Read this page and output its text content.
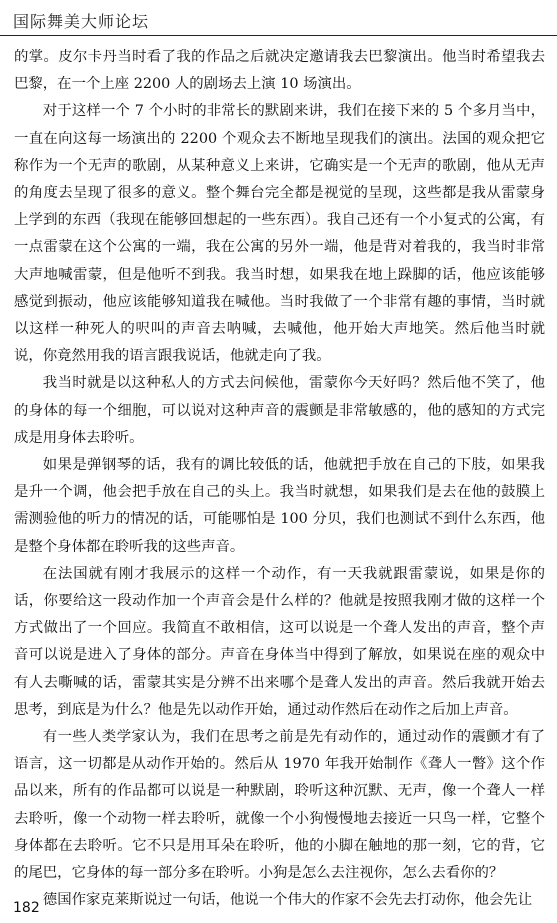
国际舞美大师论坛

的掌。皮尔卡丹当时看了我的作品之后就决定邀请我去巴黎演出。他当时希望我去巴黎，在一个上座 2200 人的剧场去上演 10 场演出。

对于这样一个 7 个小时的非常长的默剧来讲，我们在接下来的 5 个多月当中，一直在向这每一场演出的 2200 个观众去不断地呈现我们的演出。法国的观众把它称作为一个无声的歌剧，从某种意义上来讲，它确实是一个无声的歌剧，他从无声的角度去呈现了很多的意义。整个舞台完全都是视觉的呈现，这些都是我从雷蒙身上学到的东西（我现在能够回想起的一些东西）。我自己还有一个小复式的公寓，有一点雷蒙在这个公寓的一端，我在公寓的另外一端，他是背对着我的，我当时非常大声地喊雷蒙，但是他听不到我。我当时想，如果我在地上跺脚的话，他应该能够感觉到振动，他应该能够知道我在喊他。当时我做了一个非常有趣的事情，当时就以这样一种死人的呎叫的声音去呐喊，去喊他，他开始大声地笑。然后他当时就说，你竟然用我的语言跟我说话，他就走向了我。

我当时就是以这种私人的方式去问候他，雷蒙你今天好吗？然后他不笑了，他的身体的每一个细胞，可以说对这种声音的震颤是非常敏感的，他的感知的方式完成是用身体去聆听。

如果是弹钢琴的话，我有的调比较低的话，他就把手放在自己的下肢，如果我是升一个调，他会把手放在自己的头上。我当时就想，如果我们是去在他的鼓膜上需测验他的听力的情况的话，可能哪怕是 100 分贝，我们也测试不到什么东西，他是整个身体都在聆听我的这些声音。

在法国就有刚才我展示的这样一个动作，有一天我就跟雷蒙说，如果是你的话，你要给这一段动作加一个声音会是什么样的？他就是按照我刚才做的这样一个方式做出了一个回应。我简直不敢相信，这可以说是一个聋人发出的声音，整个声音可以说是进入了身体的部分。声音在身体当中得到了解放，如果说在座的观众中有人去嘶喊的话，雷蒙其实是分辨不出来哪个是聋人发出的声音。然后我就开始去思考，到底是为什么？他是先以动作开始，通过动作然后在动作之后加上声音。

有一些人类学家认为，我们在思考之前是先有动作的，通过动作的震颤才有了语言，这一切都是从动作开始的。然后从 1970 年我开始制作《聋人一瞥》这个作品以来，所有的作品都可以说是一种默剧，聆听这种沉默、无声，像一个聋人一样去聆听，像一个动物一样去聆听，就像一个小狗慢慢地去接近一只鸟一样，它整个身体都在去聆听。它不只是用耳朵在聆听，他的小脚在触地的那一刻，它的背，它的尾巴，它身体的每一部分多在聆听。小狗是怎么去注视你，怎么去看你的？

德国作家克莱斯说过一句话，他说一个伟大的作家不会先去打动你，他会先让

182
